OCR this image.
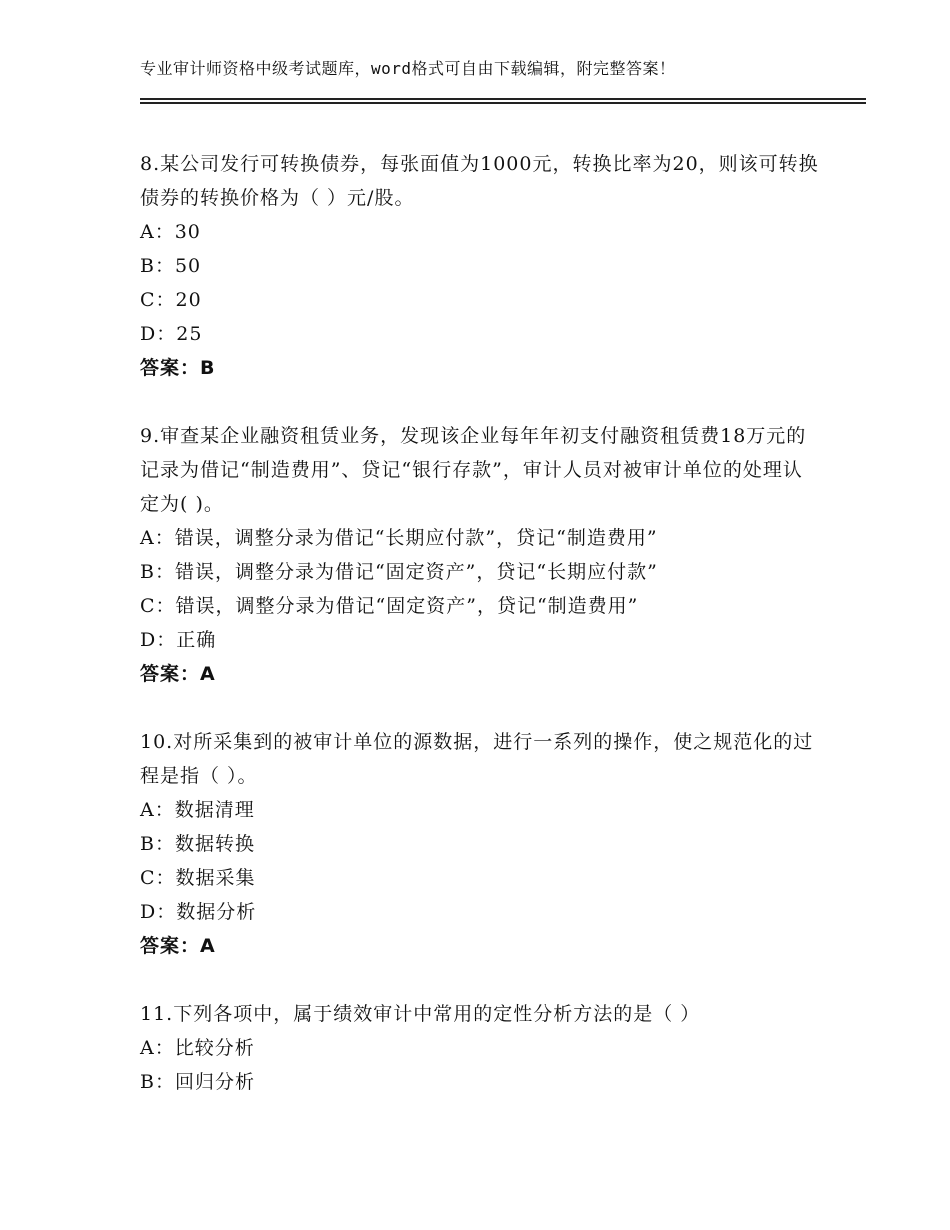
专业审计师资格中级考试题库，word格式可自由下载编辑，附完整答案！

8.某公司发行可转换债券，每张面值为1000元，转换比率为20，则该可转换债券的转换价格为（ ）元/股。

A：30

B：50

C：20

D：25

答案：B

9.审查某企业融资租赁业务，发现该企业每年年初支付融资租赁费18万元的记录为借记“制造费用”、贷记“银行存款”，审计人员对被审计单位的处理认定为( )。

A：错误，调整分录为借记“长期应付款”，贷记“制造费用”

B：错误，调整分录为借记“固定资产”，贷记“长期应付款”

C：错误，调整分录为借记“固定资产”，贷记“制造费用”

D：正确

答案：A

10.对所采集到的被审计单位的源数据，进行一系列的操作，使之规范化的过程是指（ ）。

A：数据清理

B：数据转换

C：数据采集

D：数据分析

答案：A

11.下列各项中，属于绩效审计中常用的定性分析方法的是（ ）

A：比较分析

B：回归分析
